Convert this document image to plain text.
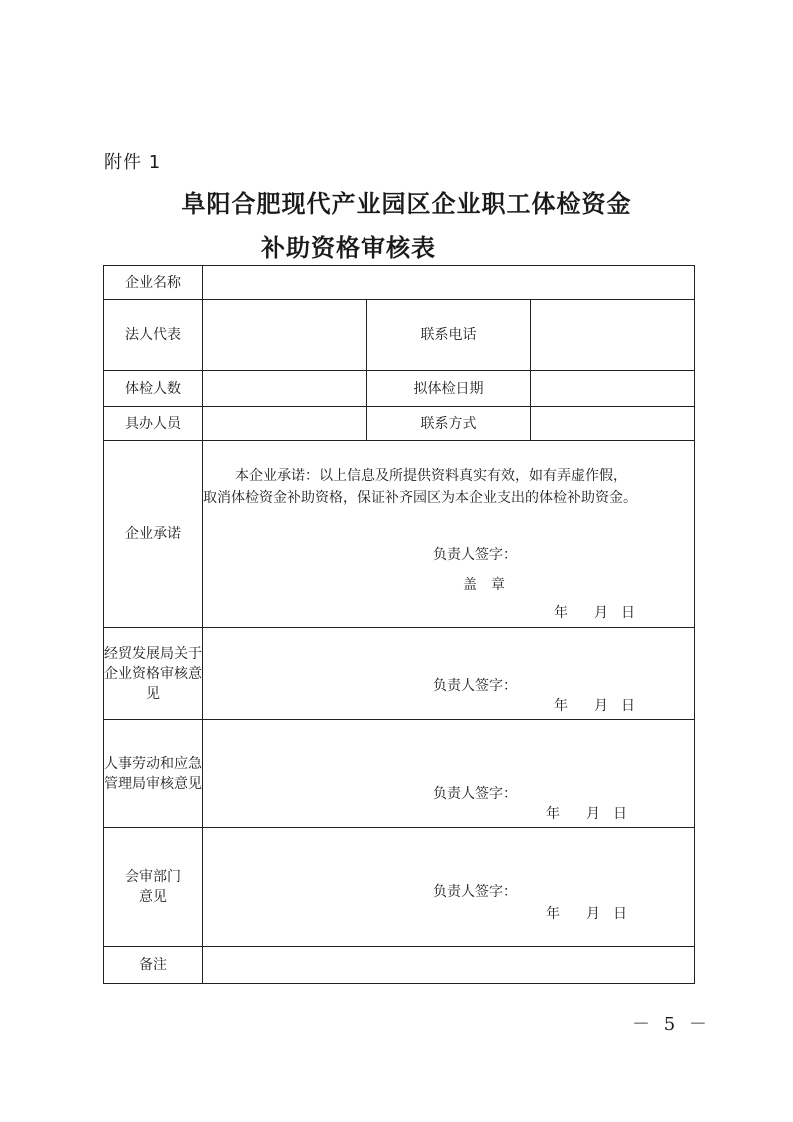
附件 1
阜阳合肥现代产业园区企业职工体检资金
补助资格审核表
企业名称			
法人代表		联系电话	
体检人数		拟体检日期	
具办人员		联系方式	
企业承诺	本企业承诺：以上信息及所提供资料真实有效，如有弄虚作假，

取消体检资金补助资格，保证补齐园区为本企业支出的体检补助资金。

负责人签字：
盖　章
年 月 日		

经贸发展局关于企业资格审核意见	负责人签字：
年 月 日		

人事劳动和应急管理局审核意见	负责人签字：
年 月 日		

会审部门意见	负责人签字：
年 月 日		

备注			
－ 5 －
